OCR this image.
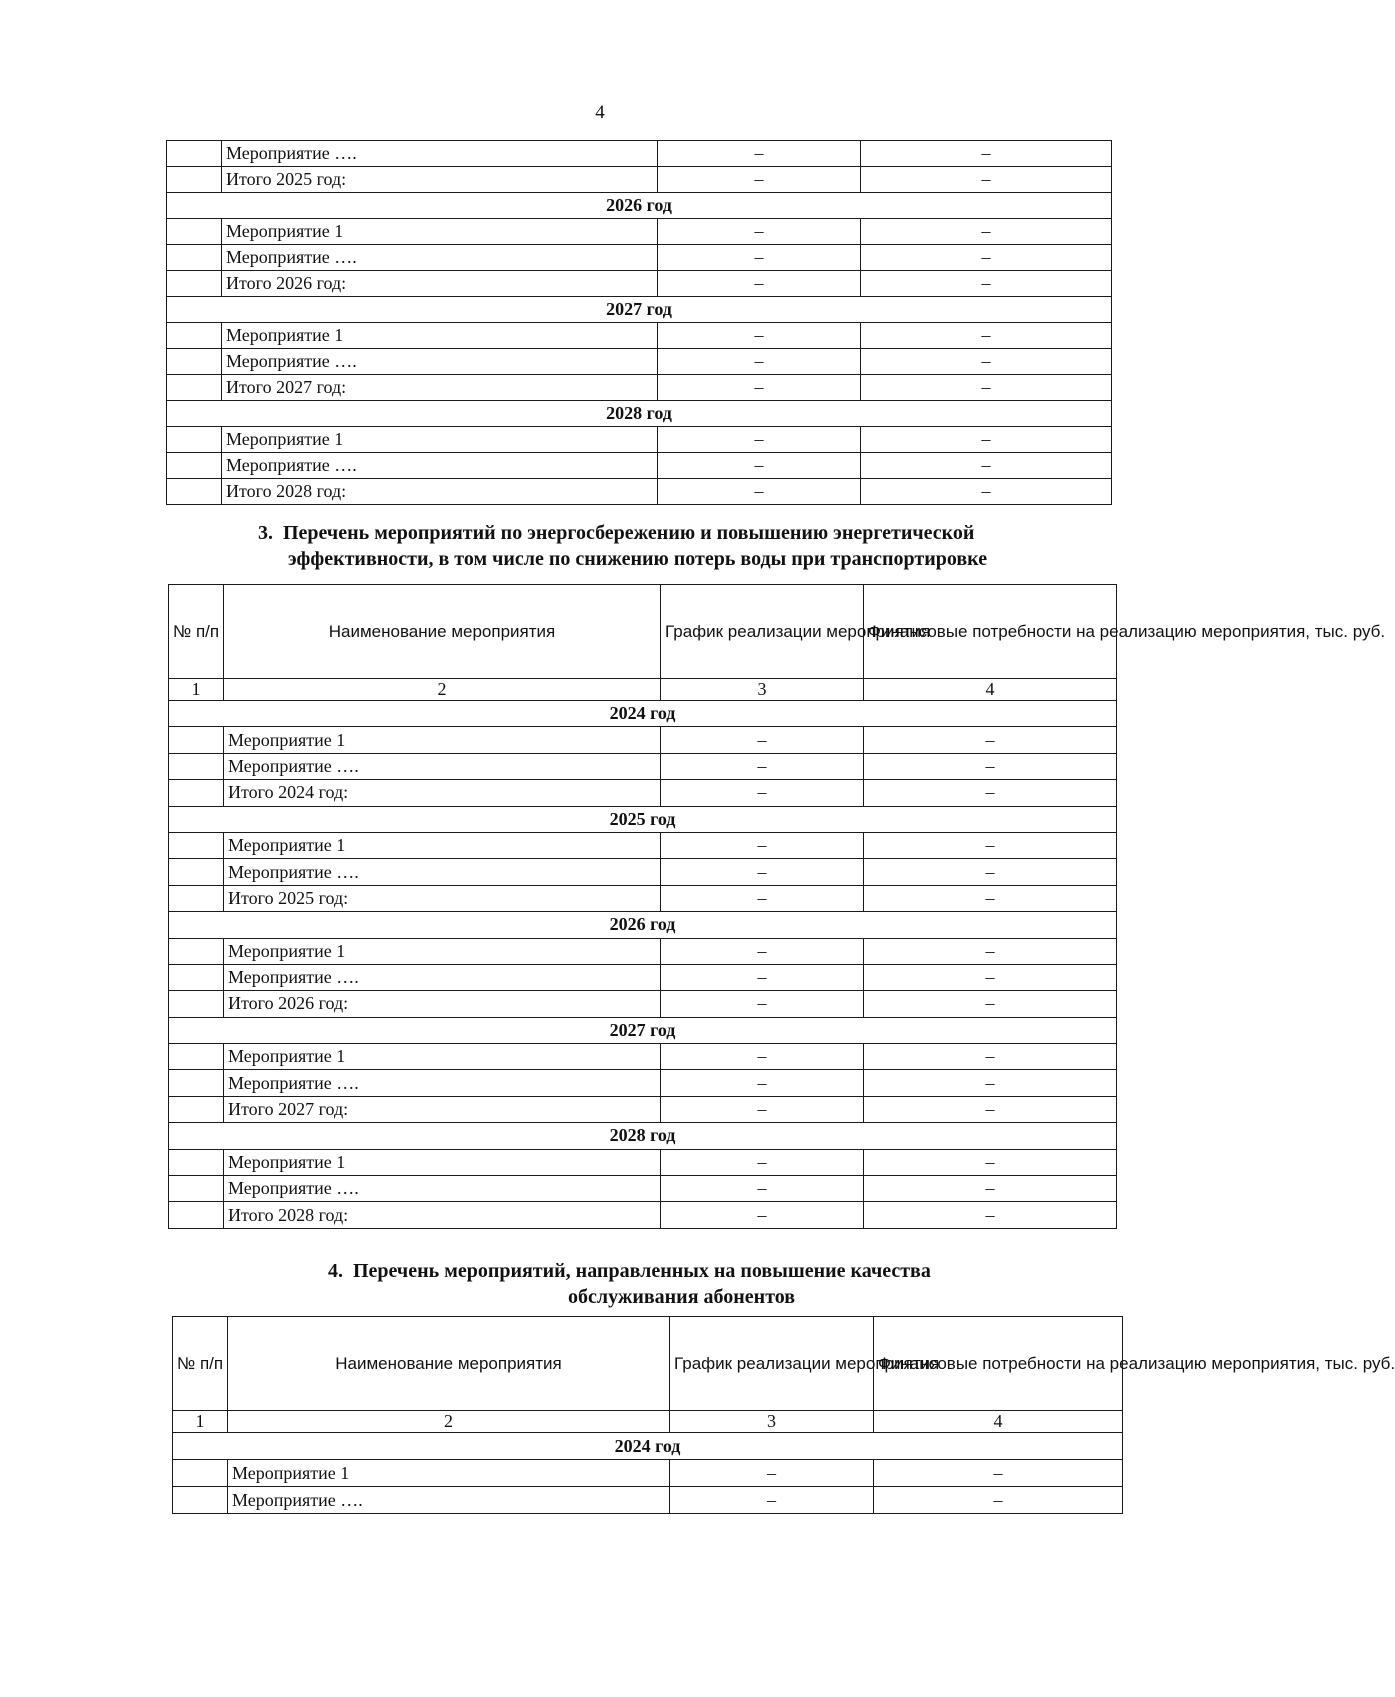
4
	Мероприятие ….	–	–
	Итого 2025 год:	–	–
2026 год			
	Мероприятие 1	–	–
	Мероприятие ….	–	–
	Итого 2026 год:	–	–
2027 год			
	Мероприятие 1	–	–
	Мероприятие ….	–	–
	Итого 2027 год:	–	–
2028 год			
	Мероприятие 1	–	–
	Мероприятие ….	–	–
	Итого 2028 год:	–	–
3. Перечень мероприятий по энергосбережению и повышению энергетической
эффективности, в том числе по снижению потерь воды при транспортировке
№ п/п	Наименование мероприятия	График реализации мероприятия	Финансовые потребности на реализацию мероприятия, тыс. руб.
1	2	3	4
2024 год			
	Мероприятие 1	–	–
	Мероприятие ….	–	–
	Итого 2024 год:	–	–
2025 год			
	Мероприятие 1	–	–
	Мероприятие ….	–	–
	Итого 2025 год:	–	–
2026 год			
	Мероприятие 1	–	–
	Мероприятие ….	–	–
	Итого 2026 год:	–	–
2027 год			
	Мероприятие 1	–	–
	Мероприятие ….	–	–
	Итого 2027 год:	–	–
2028 год			
	Мероприятие 1	–	–
	Мероприятие ….	–	–
	Итого 2028 год:	–	–
4. Перечень мероприятий, направленных на повышение качества
обслуживания абонентов
№ п/п	Наименование мероприятия	График реализации мероприятия	Финансовые потребности на реализацию мероприятия, тыс. руб.
1	2	3	4
2024 год			
	Мероприятие 1	–	–
	Мероприятие ….	–	–
